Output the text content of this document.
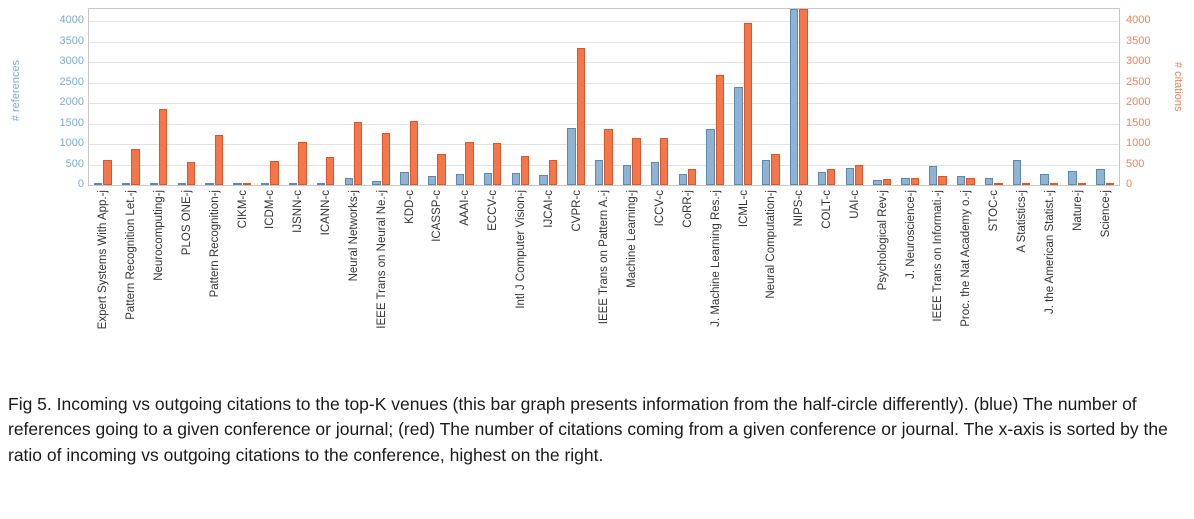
# references	# citations
0
500
1000
1500
2000
2500
3000
3500
4000
0
500
1000
1500
2000
2500
3000
3500
4000
Expert Systems With App.-j Pattern Recognition Let.-j Neurocomputing-j PLOS ONE-j Pattern Recognition-j CIKM-c ICDM-c IJSNN-c ICANN-c Neural Networks-j IEEE Trans on Neural Ne.-j KDD-c ICASSP-c AAAI-c ECCV-c Intl J Computer Vision-j IJCAI-c CVPR-c IEEE Trans on Pattern A.-j Machine Learning-j ICCV-c CoRR-j J. Machine Learning Res.-j ICML-c Neural Computation-j NIPS-c COLT-c UAI-c Psychological Rev-j J. Neuroscience-j IEEE Trans on Informati.-j Proc. the Nat Academy o.-j STOC-c A Statistics-j J. the American Statist.-j Nature-j Science-j
Fig 5. Incoming vs outgoing citations to the top-K venues (this bar graph presents information from the half-circle differently). (blue) The number of references going to a given conference or journal; (red) The number of citations coming from a given conference or journal. The x-axis is sorted by the ratio of incoming vs outgoing citations to the conference, highest on the right.
